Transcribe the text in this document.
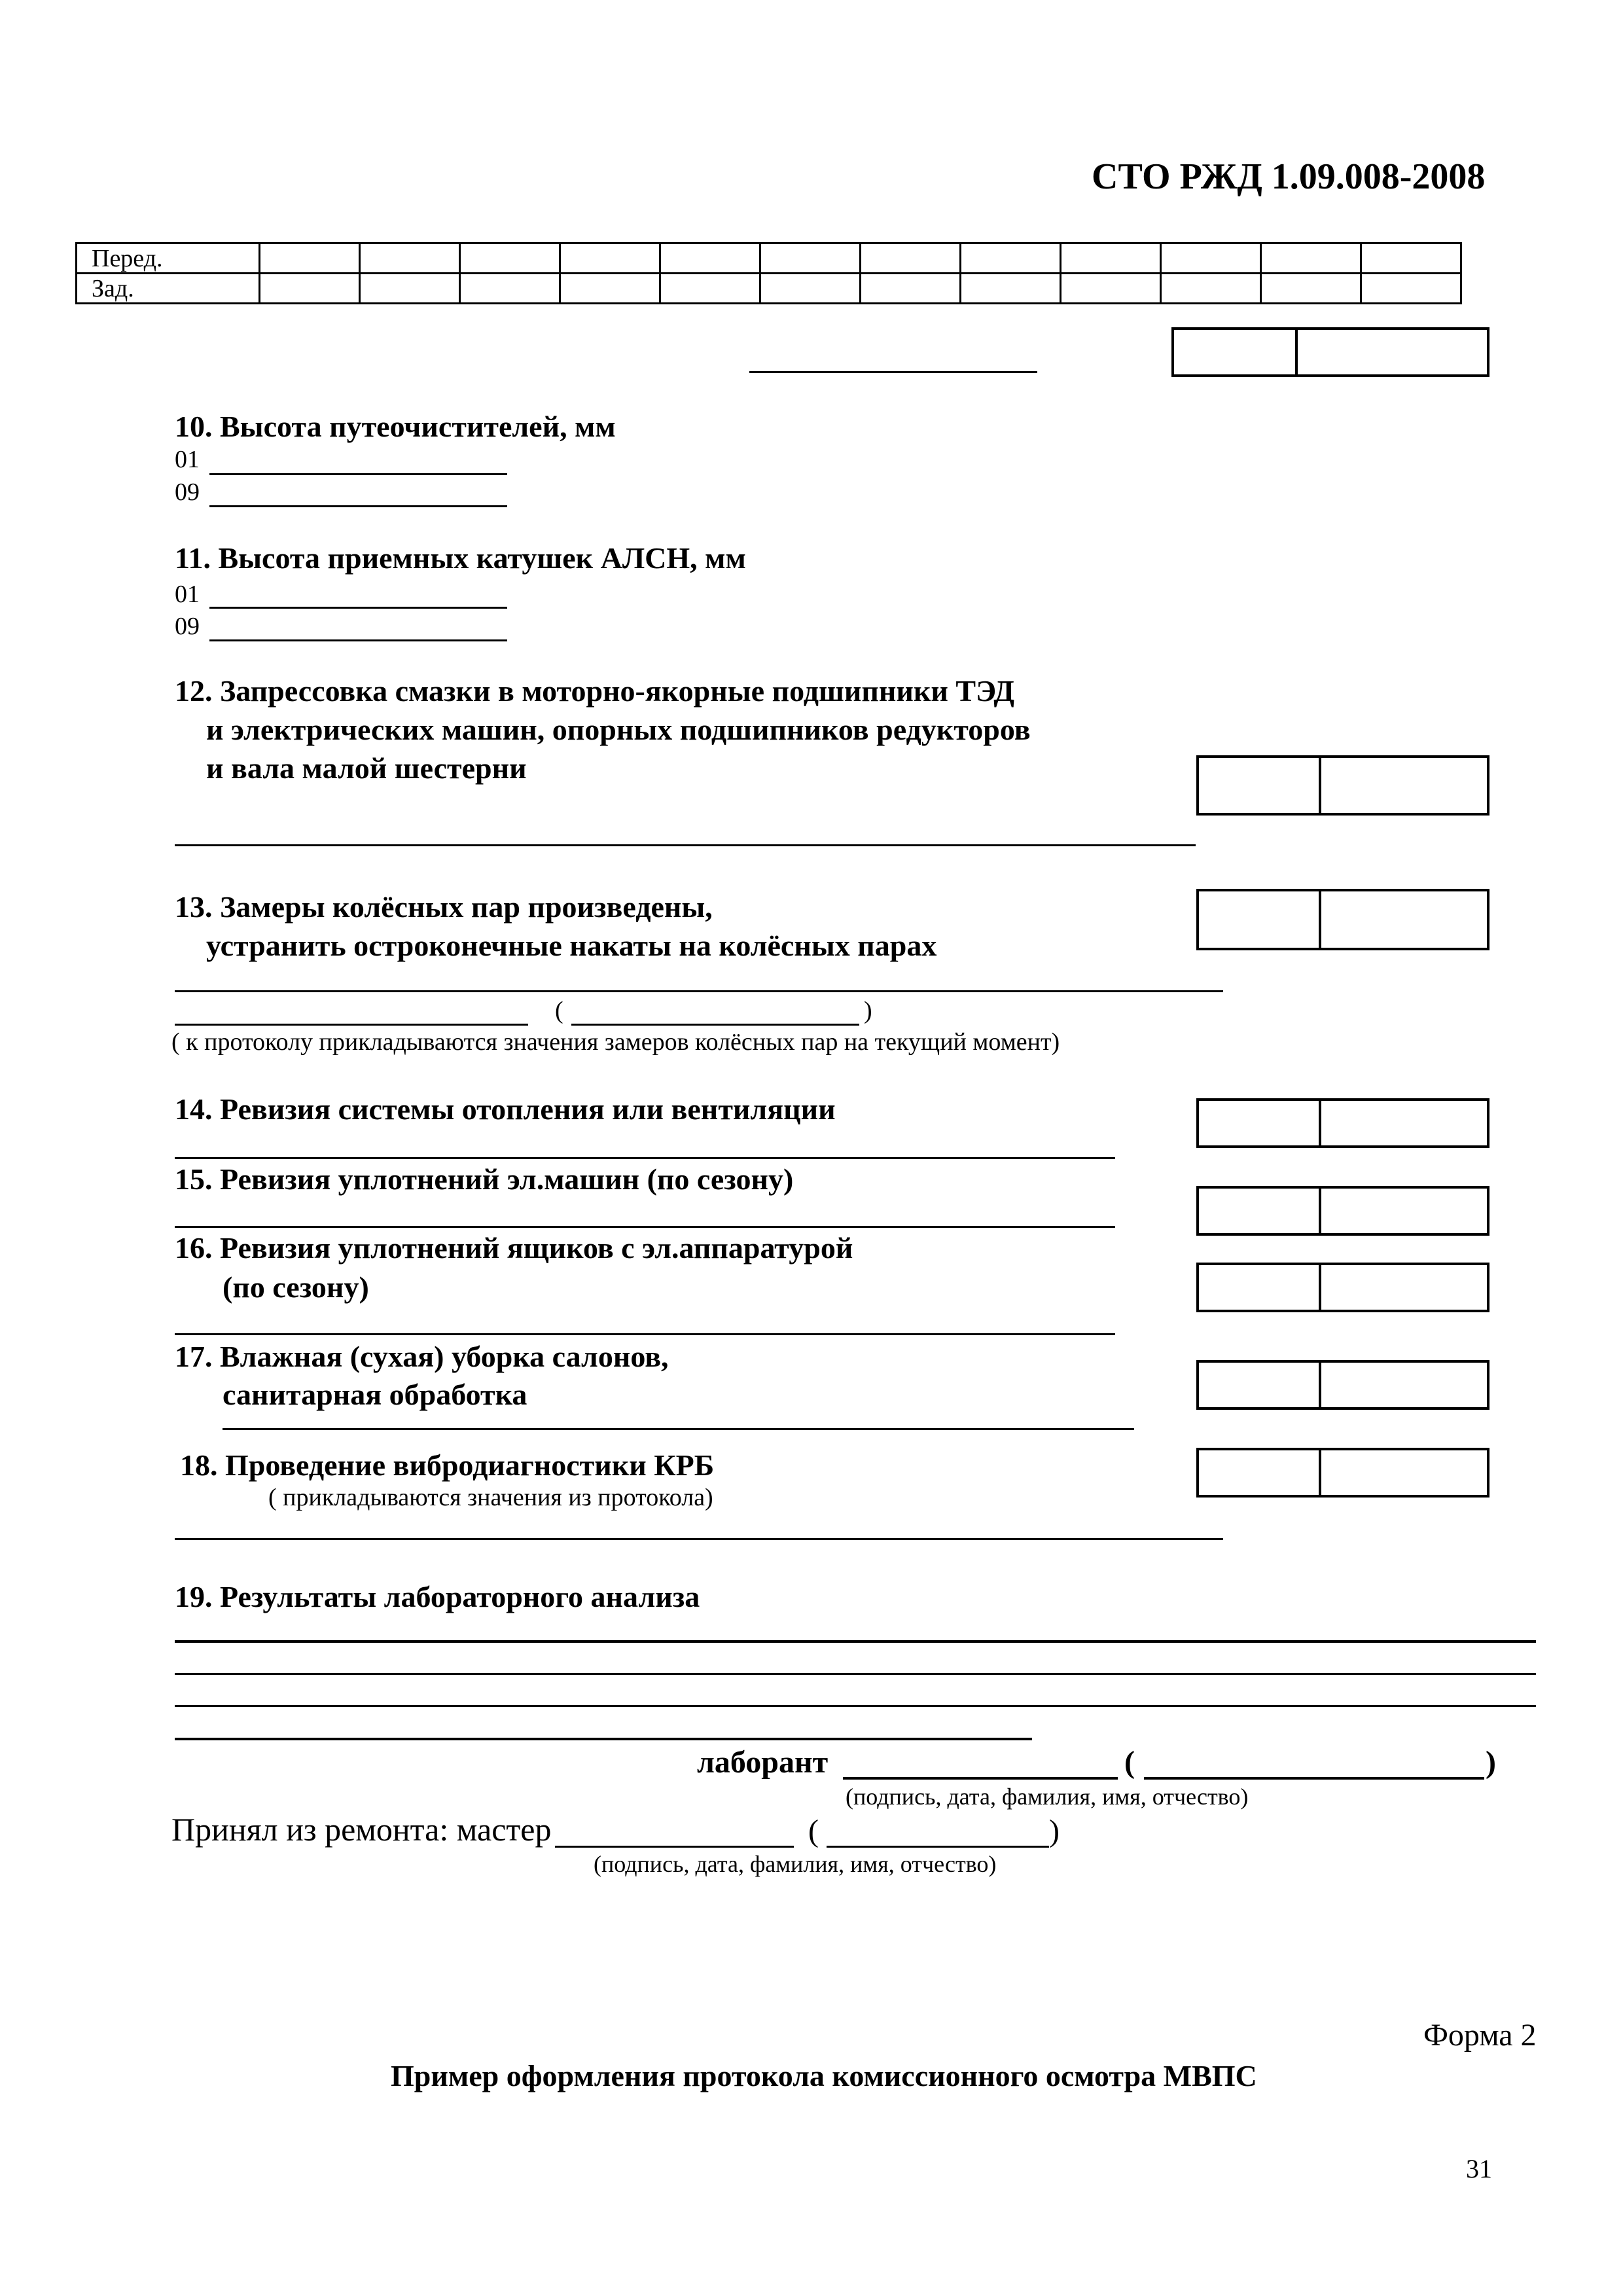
СТО РЖД 1.09.008-2008
Перед.												
Зад.												
10. Высота путеочистителей, мм
01
09
11. Высота приемных катушек АЛСН, мм
01
09
12. Запрессовка смазки в моторно-якорные подшипники ТЭД
и электрических машин, опорных подшипников редукторов
и вала малой шестерни
13. Замеры колёсных пар произведены,
устранить остроконечные накаты на колёсных парах
(	)
( к протоколу прикладываются значения замеров колёсных пар на текущий момент)
14. Ревизия системы отопления или вентиляции
15. Ревизия уплотнений эл.машин (по сезону)
16. Ревизия уплотнений ящиков с эл.аппаратурой
(по сезону)
17. Влажная (сухая) уборка салонов,
санитарная обработка
18. Проведение вибродиагностики КРБ
( прикладываются значения из протокола)
19. Результаты лабораторного анализа
лаборант	(	)
(подпись, дата, фамилия, имя, отчество)
Принял из ремонта: мастер	(	)
(подпись, дата, фамилия, имя, отчество)
Форма 2
Пример оформления протокола комиссионного осмотра МВПС
31
